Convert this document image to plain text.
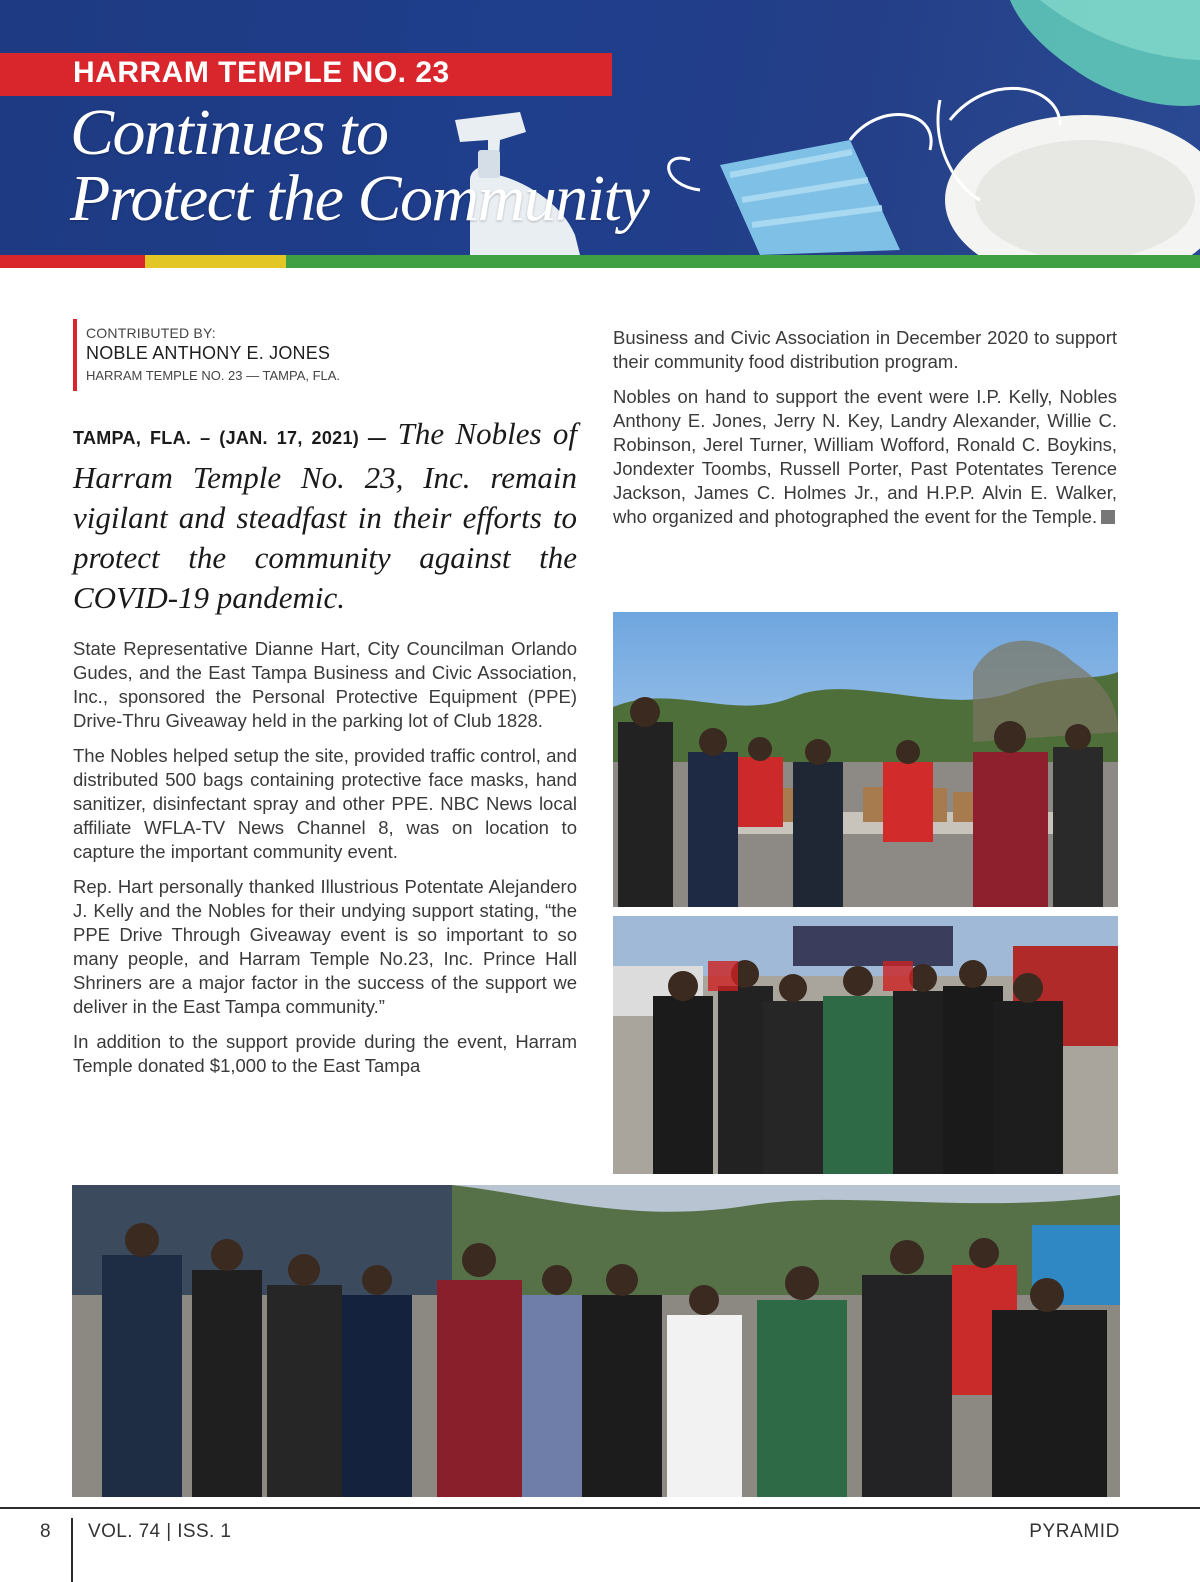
HARRAM TEMPLE NO. 23
Continues to
Protect the Community
CONTRIBUTED BY:
NOBLE ANTHONY E. JONES
HARRAM TEMPLE NO. 23 — TAMPA, FLA.
TAMPA, FLA. – (JAN. 17, 2021) — The Nobles of Harram Temple No. 23, Inc. remain vigilant and steadfast in their efforts to protect the community against the COVID-19 pandemic.

State Representative Dianne Hart, City Councilman Orlando Gudes, and the East Tampa Business and Civic Association, Inc., sponsored the Personal Protective Equipment (PPE) Drive-Thru Giveaway held in the parking lot of Club 1828.

The Nobles helped setup the site, provided traffic control, and distributed 500 bags containing protective face masks, hand sanitizer, disinfectant spray and other PPE. NBC News local affiliate WFLA-TV News Channel 8, was on location to capture the important community event.

Rep. Hart personally thanked Illustrious Potentate Alejandero J. Kelly and the Nobles for their undying support stating, “the PPE Drive Through Giveaway event is so important to so many people, and Harram Temple No.23, Inc. Prince Hall Shriners are a major factor in the success of the support we deliver in the East Tampa community.”

In addition to the support provide during the event, Harram Temple donated $1,000 to the East Tampa

Business and Civic Association in December 2020 to support their community food distribution program.

Nobles on hand to support the event were I.P. Kelly, Nobles Anthony E. Jones, Jerry N. Key, Landry Alexander, Willie C. Robinson, Jerel Turner, William Wofford, Ronald C. Boykins, Jondexter Toombs, Russell Porter, Past Potentates Terence Jackson, James C. Holmes Jr., and H.P.P. Alvin E. Walker, who organized and photographed the event for the Temple.

8 VOL. 74 | ISS. 1	PYRAMID
